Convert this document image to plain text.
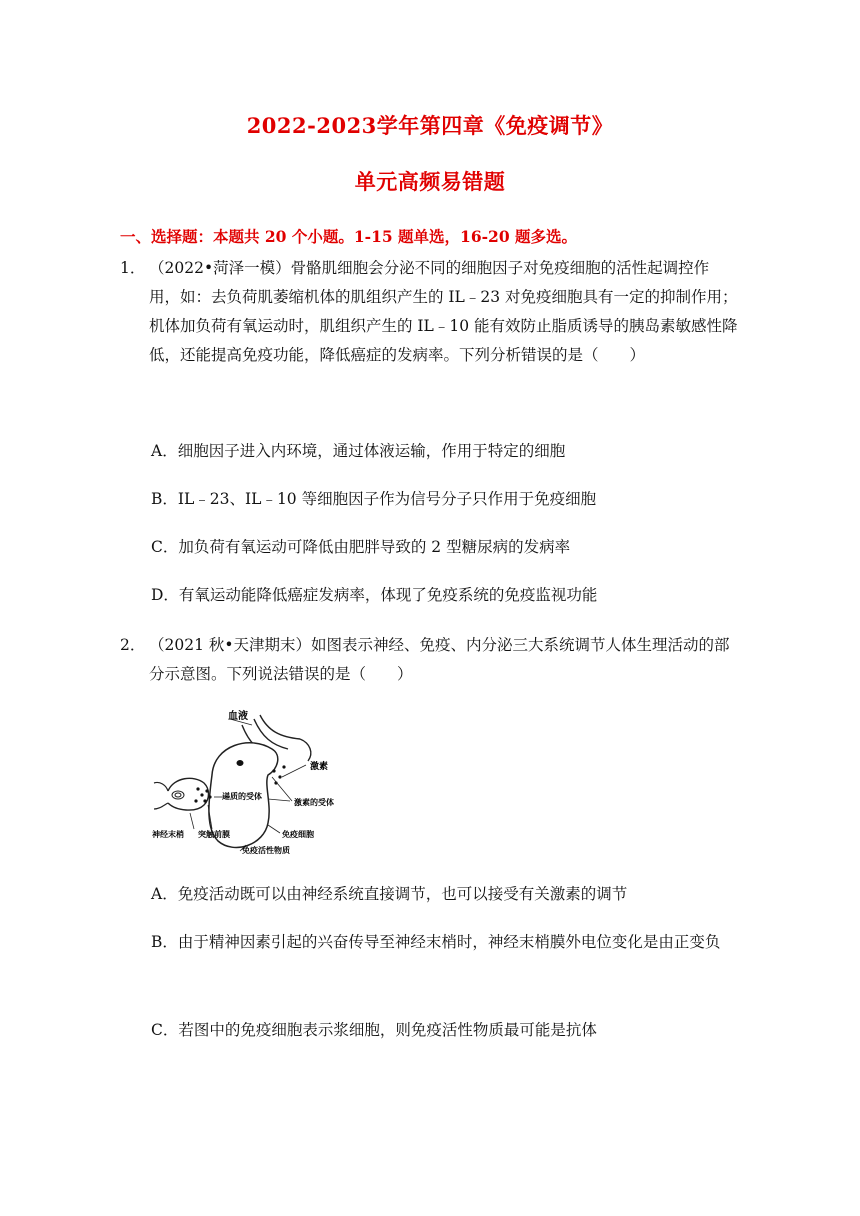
2022-2023学年第四章《免疫调节》
单元高频易错题
一、选择题：本题共 20 个小题。1-15 题单选，16-20 题多选。
1． （2022•菏泽一模）骨骼肌细胞会分泌不同的细胞因子对免疫细胞的活性起调控作用，如：去负荷肌萎缩机体的肌组织产生的 IL﹣23 对免疫细胞具有一定的抑制作用；机体加负荷有氧运动时，肌组织产生的 IL﹣10 能有效防止脂质诱导的胰岛素敏感性降低，还能提高免疫功能，降低癌症的发病率。下列分析错误的是（　　）
A．细胞因子进入内环境，通过体液运输，作用于特定的细胞
B．IL﹣23、IL﹣10 等细胞因子作为信号分子只作用于免疫细胞
C．加负荷有氧运动可降低由肥胖导致的 2 型糖尿病的发病率
D．有氧运动能降低癌症发病率，体现了免疫系统的免疫监视功能
2． （2021 秋•天津期末）如图表示神经、免疫、内分泌三大系统调节人体生理活动的部分示意图。下列说法错误的是（　　）
血液
激素
递质的受体
激素的受体
神经末梢 突触前膜	免疫细胞
免疫活性物质
A．免疫活动既可以由神经系统直接调节，也可以接受有关激素的调节
B．由于精神因素引起的兴奋传导至神经末梢时，神经末梢膜外电位变化是由正变负
C．若图中的免疫细胞表示浆细胞，则免疫活性物质最可能是抗体
